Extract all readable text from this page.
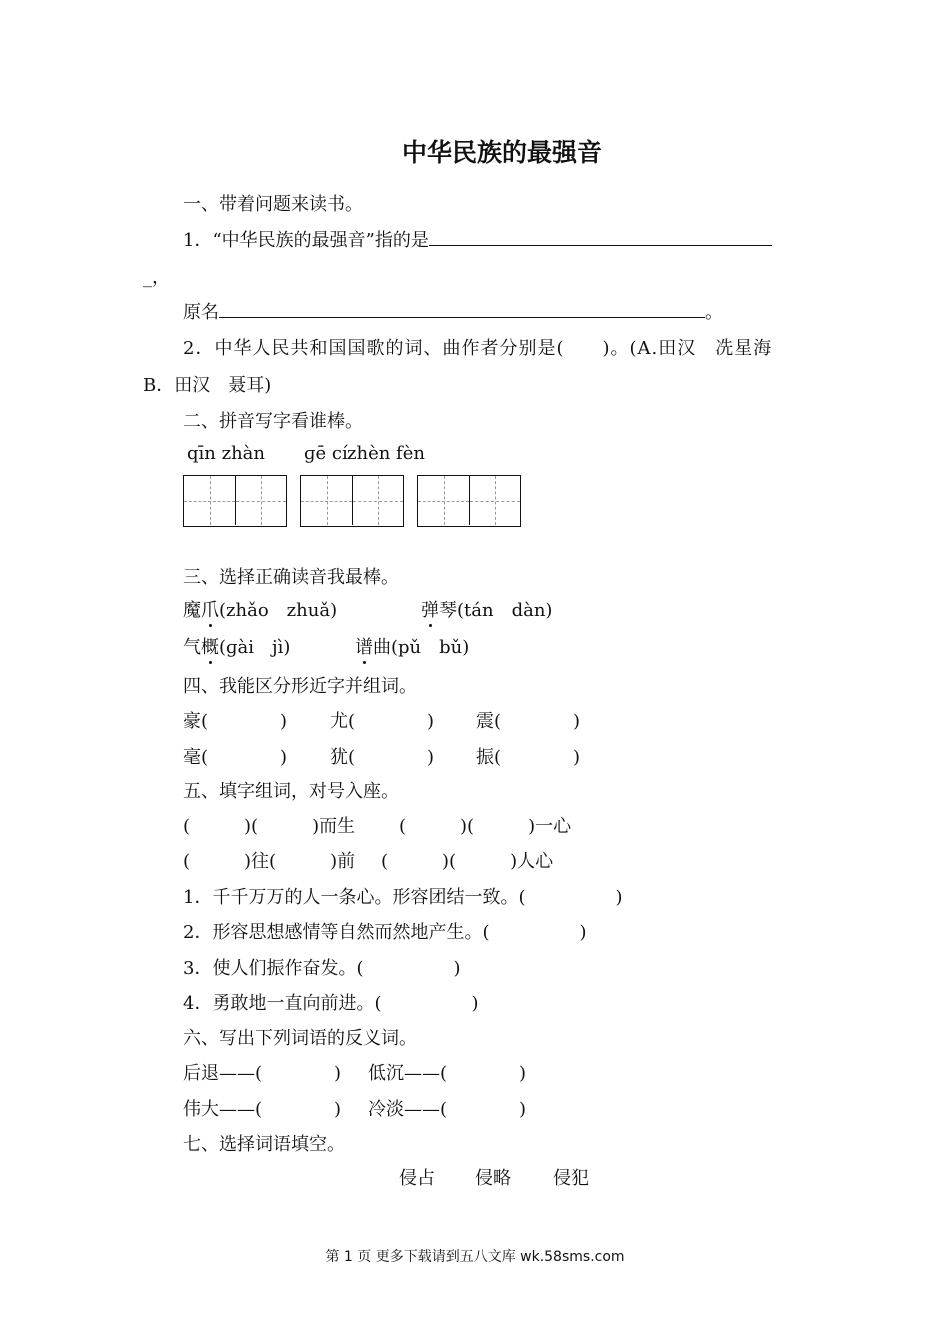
中华民族的最强音
一、带着问题来读书。
1．“中华民族的最强音”指的是
_，
原名	。
2．中华人民共和国国歌的词、曲作者分别是(　　)。(A.田汉　冼星海
B．田汉　聂耳)
二、拼音写字看谁棒。
qīn zhàn ɡē cí zhèn fèn
三、选择正确读音我最棒。
魔爪(zhǎo　zhuǎ)	弹琴(tán　dàn)
气概(ɡài　jì)	谱曲(pǔ　bǔ)
四、我能区分形近字并组词。
豪(　　　　) 尤(　　　　) 震(　　　　)
毫(　　　　) 犹(　　　　) 振(　　　　)
五、填字组词，对号入座。
(　　　)(　　　)而生 (　　　)(　　　)一心
(　　　)往(　　　)前 (　　　)(　　　)人心
1．千千万万的人一条心。形容团结一致。(　　　　　)
2．形容思想感情等自然而然地产生。(　　　　　)
3．使人们振作奋发。(　　　　　)
4．勇敢地一直向前进。(　　　　　)
六、写出下列词语的反义词。
后退——(　　　　) 低沉——(　　　　)
伟大——(　　　　) 冷淡——(　　　　)
七、选择词语填空。
侵占 侵略 侵犯
第 1 页 更多下载请到五八文库 wk.58sms.com
